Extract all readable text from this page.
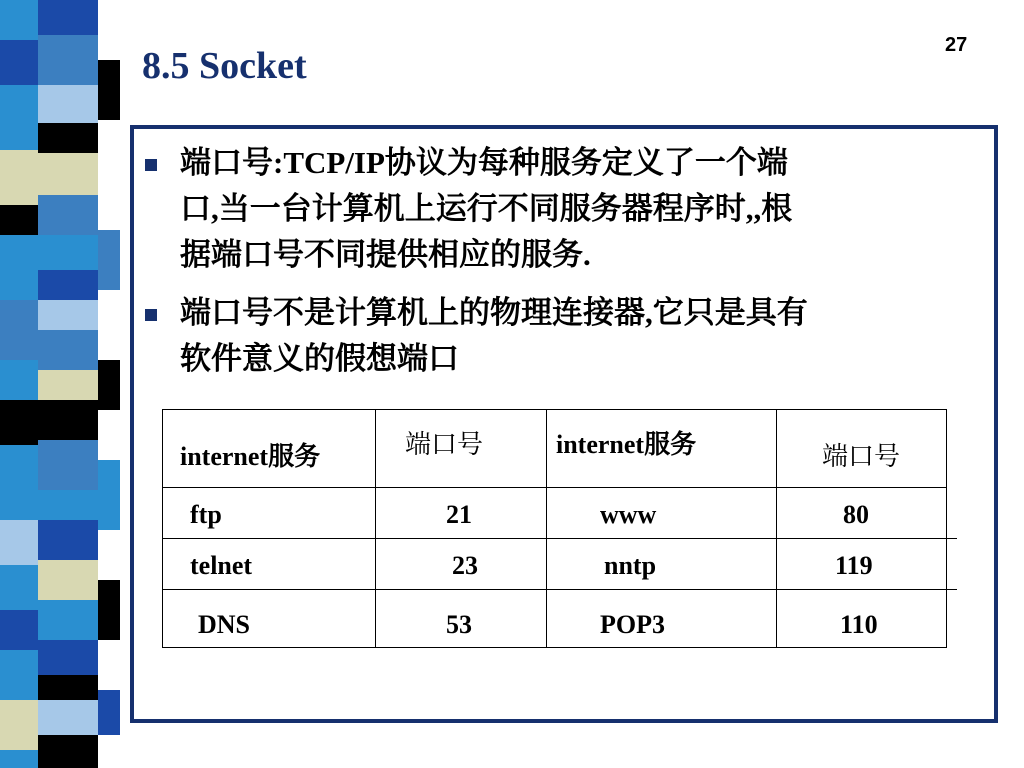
8.5 Socket	27
端口号:TCP/IP协议为每种服务定义了一个端
口,当一台计算机上运行不同服务器程序时,,根
据端口号不同提供相应的服务.
端口号不是计算机上的物理连接器,它只是具有
软件意义的假想端口
internet服务	端口号	internet服务	端口号
ftp	21	www	80
telnet	23	nntp	119
DNS	53	POP3	110
